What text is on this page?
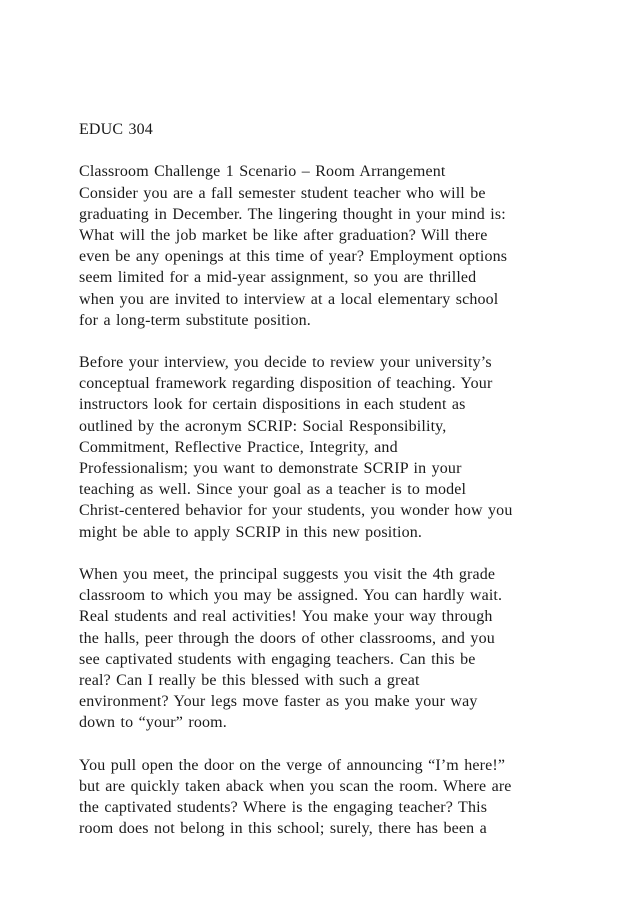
EDUC 304
Classroom Challenge 1 Scenario – Room Arrangement
Consider you are a fall semester student teacher who will be
graduating in December. The lingering thought in your mind is:
What will the job market be like after graduation? Will there
even be any openings at this time of year? Employment options
seem limited for a mid-year assignment, so you are thrilled
when you are invited to interview at a local elementary school
for a long-term substitute position.
Before your interview, you decide to review your university’s
conceptual framework regarding disposition of teaching. Your
instructors look for certain dispositions in each student as
outlined by the acronym SCRIP: Social Responsibility,
Commitment, Reflective Practice, Integrity, and
Professionalism; you want to demonstrate SCRIP in your
teaching as well. Since your goal as a teacher is to model
Christ-centered behavior for your students, you wonder how you
might be able to apply SCRIP in this new position.
When you meet, the principal suggests you visit the 4th grade
classroom to which you may be assigned. You can hardly wait.
Real students and real activities! You make your way through
the halls, peer through the doors of other classrooms, and you
see captivated students with engaging teachers. Can this be
real? Can I really be this blessed with such a great
environment? Your legs move faster as you make your way
down to “your” room.
You pull open the door on the verge of announcing “I’m here!”
but are quickly taken aback when you scan the room. Where are
the captivated students? Where is the engaging teacher? This
room does not belong in this school; surely, there has been a
